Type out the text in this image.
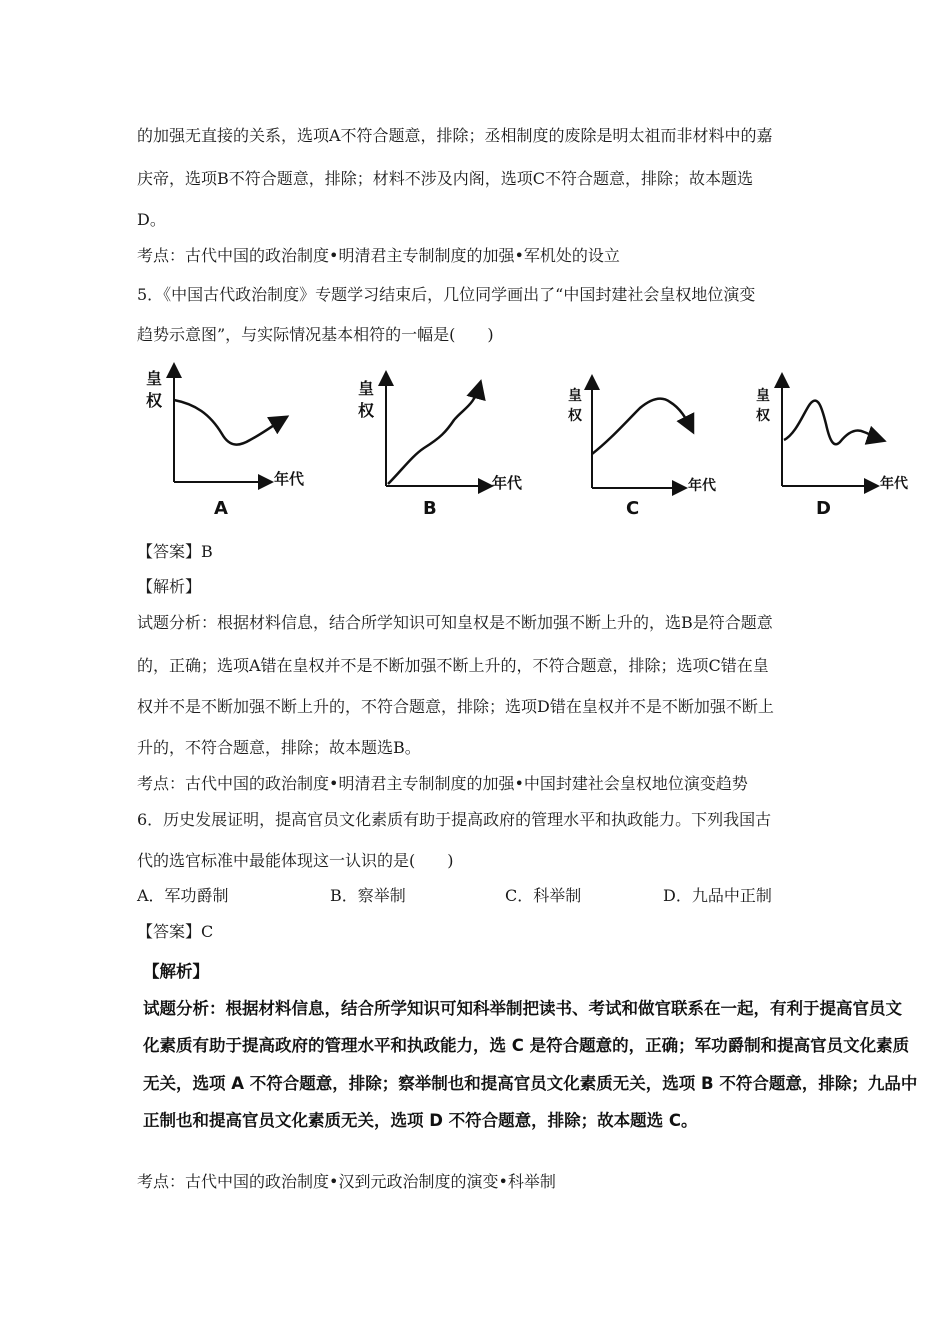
的加强无直接的关系，选项A不符合题意，排除；丞相制度的废除是明太祖而非材料中的嘉
庆帝，选项B不符合题意，排除；材料不涉及内阁，选项C不符合题意，排除；故本题选
D。
考点：古代中国的政治制度•明清君主专制制度的加强•军机处的设立
5．《中国古代政治制度》专题学习结束后，几位同学画出了“中国封建社会皇权地位演变
趋势示意图”，与实际情况基本相符的一幅是(　　)
皇
权
年代
A
皇
权
年代
B
皇
权
年代
C
皇
权
年代
D
【答案】B
【解析】
试题分析：根据材料信息，结合所学知识可知皇权是不断加强不断上升的，选B是符合题意
的，正确；选项A错在皇权并不是不断加强不断上升的，不符合题意，排除；选项C错在皇
权并不是不断加强不断上升的，不符合题意，排除；选项D错在皇权并不是不断加强不断上
升的，不符合题意，排除；故本题选B。
考点：古代中国的政治制度•明清君主专制制度的加强•中国封建社会皇权地位演变趋势
6．历史发展证明，提高官员文化素质有助于提高政府的管理水平和执政能力。下列我国古
代的选官标准中最能体现这一认识的是(　　)
A．军功爵制	B．察举制	C．科举制	D．九品中正制
【答案】C
【解析】
试题分析：根据材料信息，结合所学知识可知科举制把读书、考试和做官联系在一起，有利于提高官员文
化素质有助于提高政府的管理水平和执政能力，选 C 是符合题意的，正确；军功爵制和提高官员文化素质
无关，选项 A 不符合题意，排除；察举制也和提高官员文化素质无关，选项 B 不符合题意，排除；九品中
正制也和提高官员文化素质无关，选项 D 不符合题意，排除；故本题选 C。
考点：古代中国的政治制度•汉到元政治制度的演变•科举制
